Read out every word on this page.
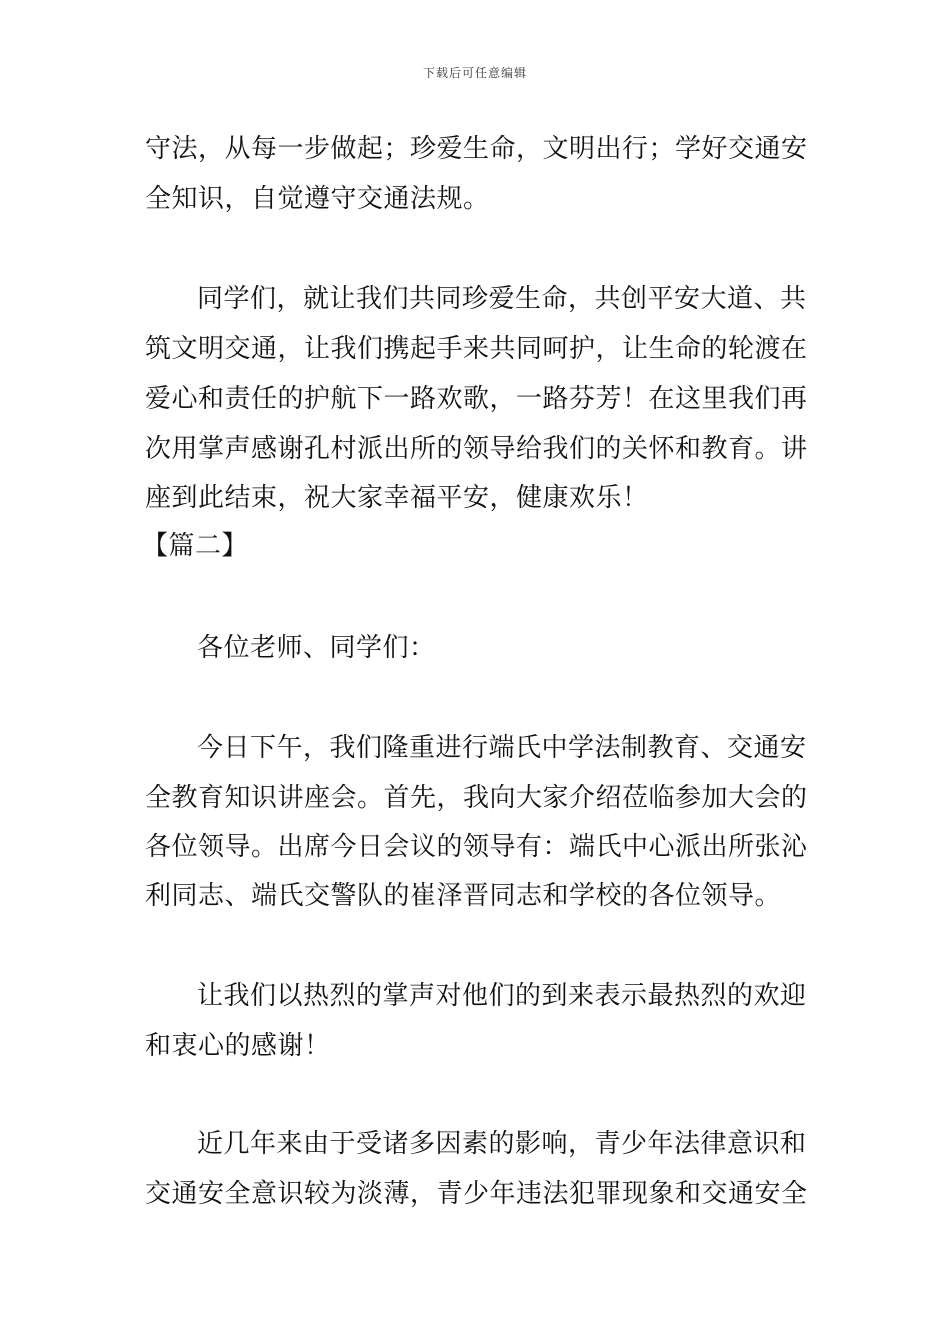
下载后可任意编辑
守法，从每一步做起；珍爱生命，文明出行；学好交通安
全知识，自觉遵守交通法规。
同学们，就让我们共同珍爱生命，共创平安大道、共
筑文明交通，让我们携起手来共同呵护，让生命的轮渡在
爱心和责任的护航下一路欢歌，一路芬芳！在这里我们再
次用掌声感谢孔村派出所的领导给我们的关怀和教育。讲
座到此结束，祝大家幸福平安，健康欢乐！
【篇二】
各位老师、同学们：
今日下午，我们隆重进行端氏中学法制教育、交通安
全教育知识讲座会。首先，我向大家介绍莅临参加大会的
各位领导。出席今日会议的领导有：端氏中心派出所张沁
利同志、端氏交警队的崔泽晋同志和学校的各位领导。
让我们以热烈的掌声对他们的到来表示最热烈的欢迎
和衷心的感谢！
近几年来由于受诸多因素的影响，青少年法律意识和
交通安全意识较为淡薄，青少年违法犯罪现象和交通安全
